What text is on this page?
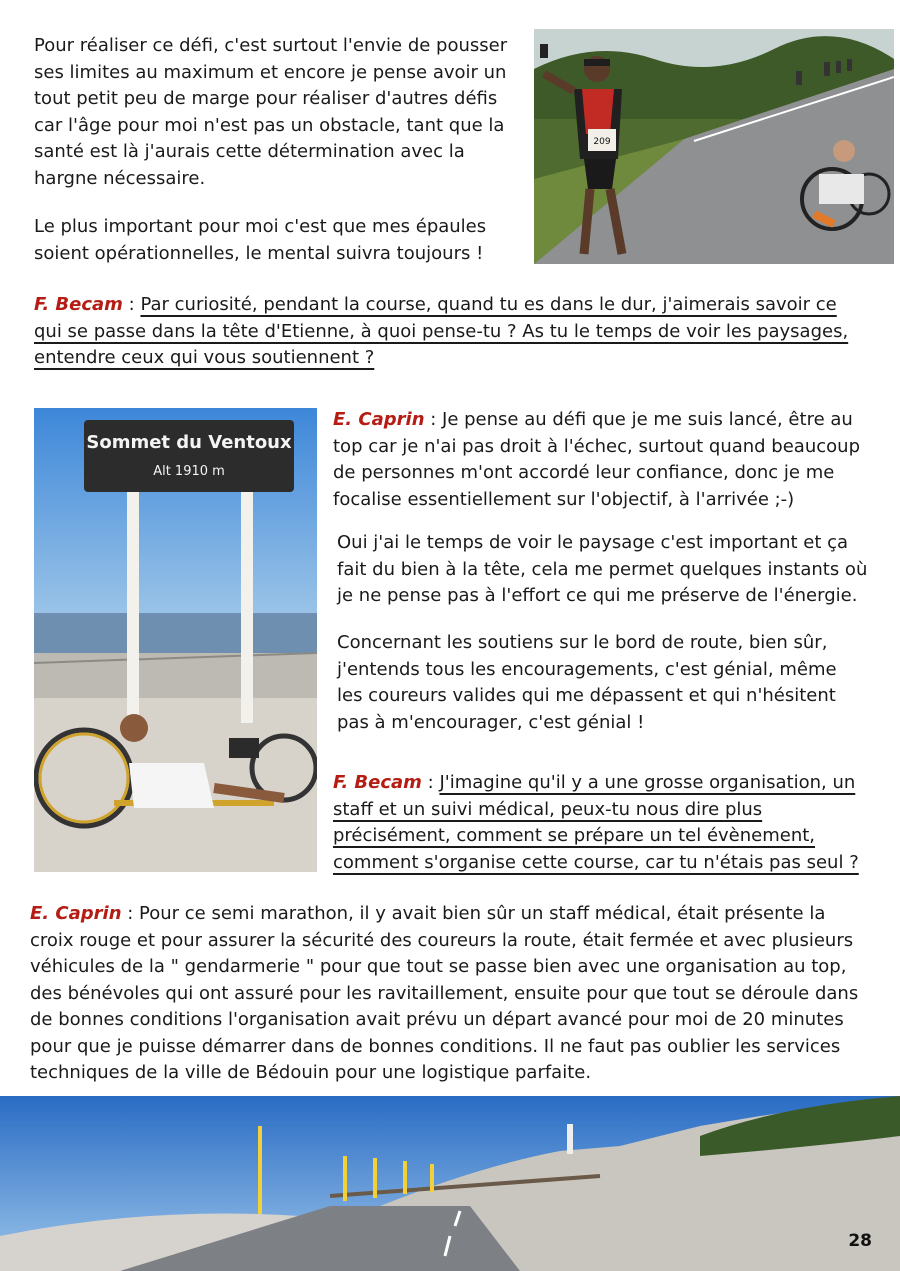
Pour réaliser ce défi, c'est surtout l'envie de pousser ses limites au maximum et encore je pense avoir un tout petit peu de marge pour réaliser d'autres défis car l'âge pour moi n'est pas un obstacle, tant que la santé est là j'aurais cette détermination avec la hargne nécessaire.

Le plus important pour moi c'est que mes épaules soient opérationnelles, le mental suivra toujours !

209

F. Becam : Par curiosité, pendant la course, quand tu es dans le dur, j'aimerais savoir ce qui se passe dans la tête d'Etienne, à quoi pense-tu ? As tu le temps de voir les paysages, entendre ceux qui vous soutiennent ?

Sommet du Ventoux
Alt 1910 m

E. Caprin : Je pense au défi que je me suis lancé, être au top car je n'ai pas droit à l'échec, surtout quand beaucoup de personnes m'ont accordé leur confiance, donc je me focalise essentiellement sur l'objectif, à l'arrivée ;-)

Oui j'ai le temps de voir le paysage c'est important et ça fait du bien à la tête, cela me permet quelques instants où je ne pense pas à l'effort ce qui me préserve de l'énergie.

Concernant les soutiens sur le bord de route, bien sûr, j'entends tous les encouragements, c'est génial, même les coureurs valides qui me dépassent et qui n'hésitent pas à m'encourager, c'est génial !

F. Becam : J'imagine qu'il y a une grosse organisation, un staff et un suivi médical, peux-tu nous dire plus précisément, comment se prépare un tel évènement, comment s'organise cette course, car tu n'étais pas seul ?

E. Caprin : Pour ce semi marathon, il y avait bien sûr un staff médical, était présente la croix rouge et pour assurer la sécurité des coureurs la route, était fermée et avec plusieurs véhicules de la " gendarmerie " pour que tout se passe bien avec une organisation au top, des bénévoles qui ont assuré pour les ravitaillement, ensuite pour que tout se déroule dans de bonnes conditions l'organisation avait prévu un départ avancé pour moi de 20 minutes pour que je puisse démarrer dans de bonnes conditions. Il ne faut pas oublier les services techniques de la ville de Bédouin pour une logistique parfaite.

28
